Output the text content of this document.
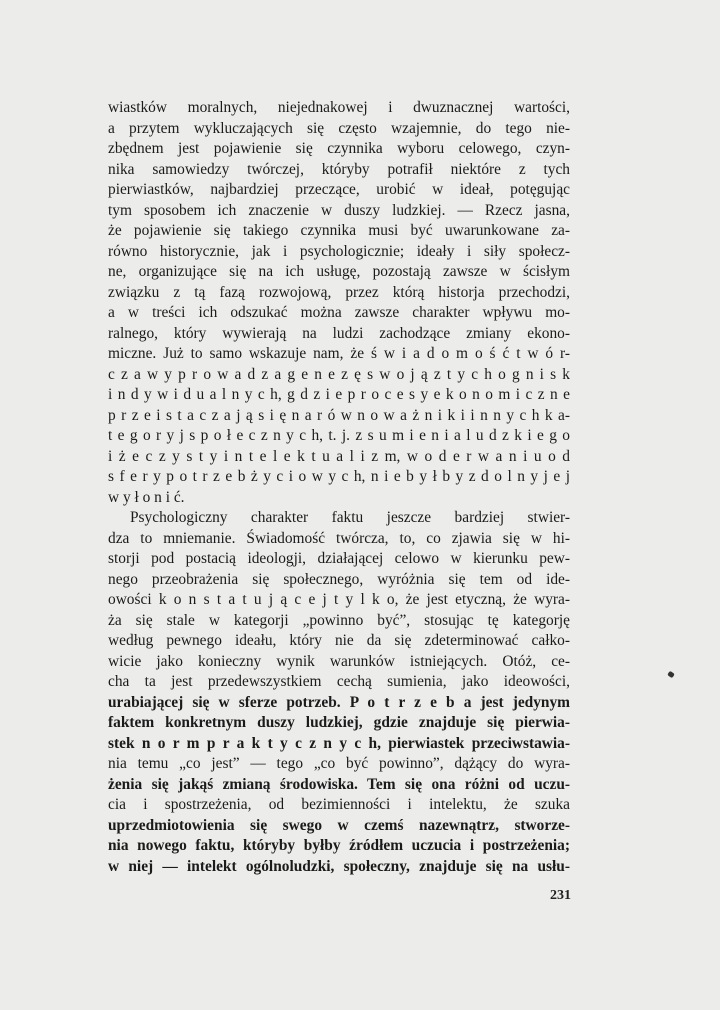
wiastków moralnych, niejednakowej i dwuznacznej wartości,
a przytem wykluczających się często wzajemnie, do tego nie-
zbędnem jest pojawienie się czynnika wyboru celowego, czyn-
nika samowiedzy twórczej, któryby potrafił niektóre z tych
pierwiastków, najbardziej przeczące, urobić w ideał, potęgując
tym sposobem ich znaczenie w duszy ludzkiej. — Rzecz jasna,
że pojawienie się takiego czynnika musi być uwarunkowane za-
równo historycznie, jak i psychologicznie; ideały i siły społecz-
ne, organizujące się na ich usługę, pozostają zawsze w ścisłym
związku z tą fazą rozwojową, przez którą historja przechodzi,
a w treści ich odszukać można zawsze charakter wpływu mo-
ralnego, który wywierają na ludzi zachodzące zmiany ekono-
miczne. Już to samo wskazuje nam, że ś w i a d o m o ś ć t w ó r-
c z a w y p r o w a d z a g e n e z ę s w o j ą z t y c h o g n i s k
i n d y w i d u a l n y c h, g d z i e p r o c e s y e k o n o m i c z n e
p r z e i s t a c z a j ą s i ę n a r ó w n o w a ż n i k i i n n y c h k a-
t e g o r y j s p o ł e c z n y c h, t. j. z s u m i e n i a l u d z k i e g o
i ż e c z y s t y i n t e l e k t u a l i z m, w o d e r w a n i u o d
s f e r y p o t r z e b ż y c i o w y c h, n i e b y ł b y z d o l n y j e j
w y ł o n i ć.
Psychologiczny charakter faktu jeszcze bardziej stwier-
dza to mniemanie. Świadomość twórcza, to, co zjawia się w hi-
storji pod postacią ideologji, działającej celowo w kierunku pew-
nego przeobrażenia się społecznego, wyróżnia się tem od ide-
owości k o n s t a t u j ą c e j t y l k o, że jest etyczną, że wyra-
ża się stale w kategorji „powinno być”, stosując tę kategorję
według pewnego ideału, który nie da się zdeterminować całko-
wicie jako konieczny wynik warunków istniejących. Otóż, ce-
cha ta jest przedewszystkiem cechą sumienia, jako ideowości,
urabiającej się w sferze potrzeb. P o t r z e b a jest jedynym
faktem konkretnym duszy ludzkiej, gdzie znajduje się pierwia-
stek n o r m p r a k t y c z n y c h, pierwiastek przeciwstawia-
nia temu „co jest” — tego „co być powinno”, dążący do wyra-
żenia się jakąś zmianą środowiska. Tem się ona różni od uczu-
cia i spostrzeżenia, od bezimienności i intelektu, że szuka
uprzedmiotowienia się swego w czemś nazewnątrz, stworze-
nia nowego faktu, któryby byłby źródłem uczucia i postrzeżenia;
w niej — intelekt ogólnoludzki, społeczny, znajduje się na usłu-
231
